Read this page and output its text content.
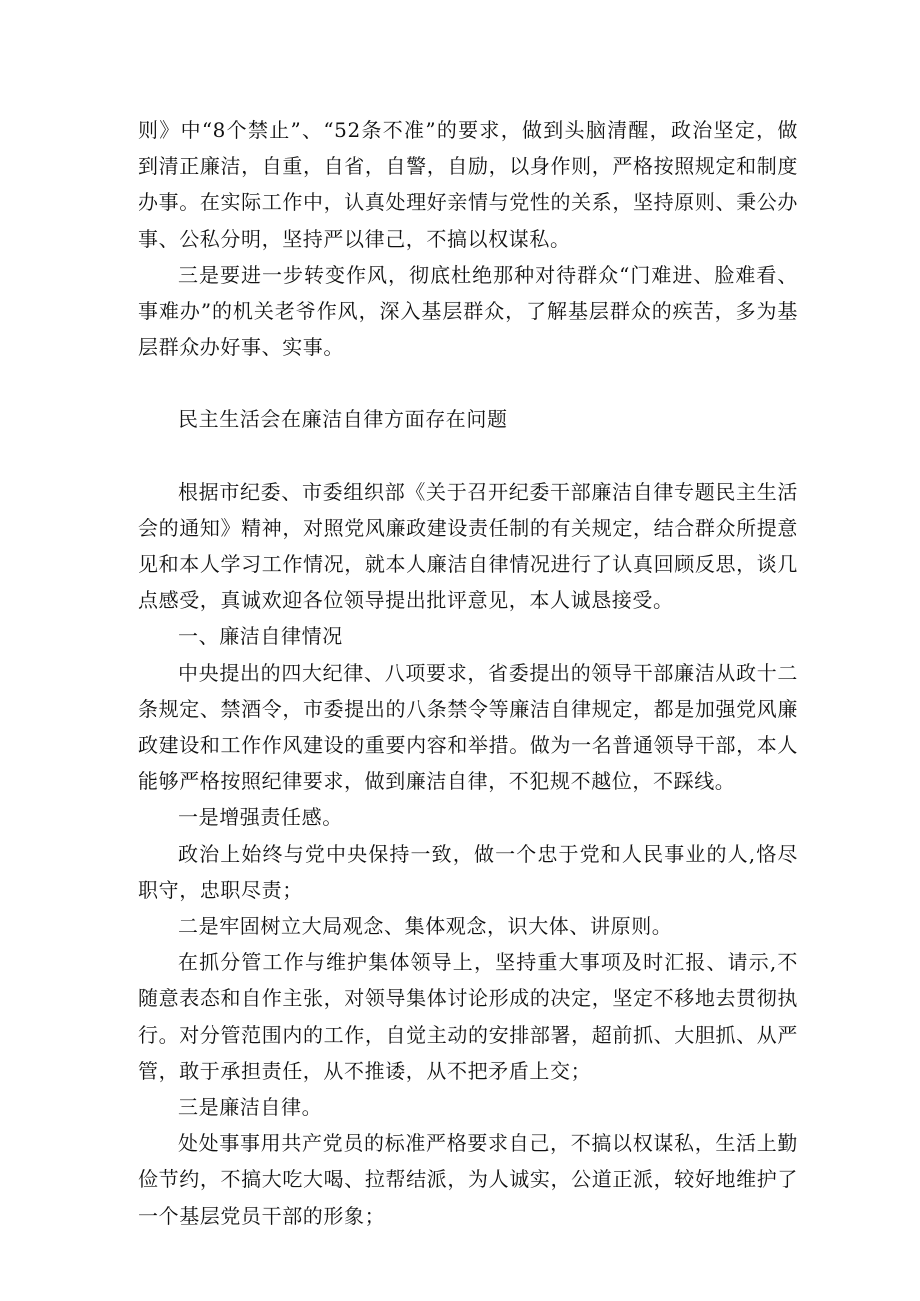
则》中“8个禁止”、“52条不准”的要求，做到头脑清醒，政治坚定，做到清正廉洁，自重，自省，自警，自励，以身作则，严格按照规定和制度办事。在实际工作中，认真处理好亲情与党性的关系，坚持原则、秉公办事、公私分明，坚持严以律己，不搞以权谋私。

三是要进一步转变作风，彻底杜绝那种对待群众“门难进、脸难看、事难办”的机关老爷作风，深入基层群众，了解基层群众的疾苦，多为基层群众办好事、实事。

民主生活会在廉洁自律方面存在问题

根据市纪委、市委组织部《关于召开纪委干部廉洁自律专题民主生活会的通知》精神，对照党风廉政建设责任制的有关规定，结合群众所提意见和本人学习工作情况，就本人廉洁自律情况进行了认真回顾反思，谈几点感受，真诚欢迎各位领导提出批评意见，本人诚恳接受。

一、廉洁自律情况

中央提出的四大纪律、八项要求，省委提出的领导干部廉洁从政十二条规定、禁酒令，市委提出的八条禁令等廉洁自律规定，都是加强党风廉政建设和工作作风建设的重要内容和举措。做为一名普通领导干部，本人能够严格按照纪律要求，做到廉洁自律，不犯规不越位，不踩线。

一是增强责任感。

政治上始终与党中央保持一致，做一个忠于党和人民事业的人,恪尽职守，忠职尽责；

二是牢固树立大局观念、集体观念，识大体、讲原则。

在抓分管工作与维护集体领导上，坚持重大事项及时汇报、请示,不随意表态和自作主张，对领导集体讨论形成的决定，坚定不移地去贯彻执行。对分管范围内的工作，自觉主动的安排部署，超前抓、大胆抓、从严管，敢于承担责任，从不推诿，从不把矛盾上交；

三是廉洁自律。

处处事事用共产党员的标准严格要求自己，不搞以权谋私，生活上勤俭节约，不搞大吃大喝、拉帮结派，为人诚实，公道正派，较好地维护了一个基层党员干部的形象；
